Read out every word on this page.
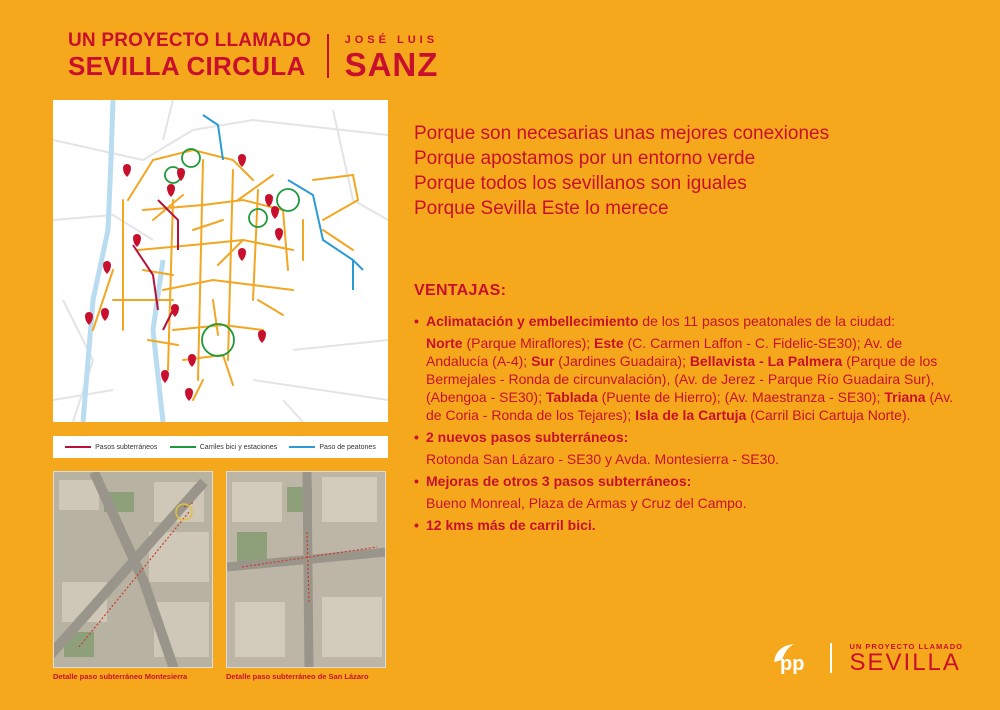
UN PROYECTO LLAMADO
SEVILLA CIRCULA
JOSÉ LUIS
SANZ
Pasos subterráneos	Carriles bici y estaciones	Paso de peatones
Detalle paso subterráneo Montesierra	Detalle paso subterráneo de San Lázaro
Porque son necesarias unas mejores conexiones
Porque apostamos por un entorno verde
Porque todos los sevillanos son iguales
Porque Sevilla Este lo merece
VENTAJAS:
• Aclimatación y embellecimiento de los 11 pasos peatonales de la ciudad:
Norte (Parque Miraflores); Este (C. Carmen Laffon - C. Fidelic-SE30); Av. de Andalucía (A-4); Sur (Jardines Guadaira); Bellavista - La Palmera (Parque de los Bermejales - Ronda de circunvalación), (Av. de Jerez - Parque Río Guadaira Sur), (Abengoa - SE30); Tablada (Puente de Hierro); (Av. Maestranza - SE30); Triana (Av. de Coria - Ronda de los Tejares); Isla de la Cartuja (Carril Bici Cartuja Norte).
• 2 nuevos pasos subterráneos:
Rotonda San Lázaro - SE30 y Avda. Montesierra - SE30.
• Mejoras de otros 3 pasos subterráneos:
Bueno Monreal, Plaza de Armas y Cruz del Campo.
• 12 kms más de carril bici.
pp
UN PROYECTO LLAMADO
SEVILLA
